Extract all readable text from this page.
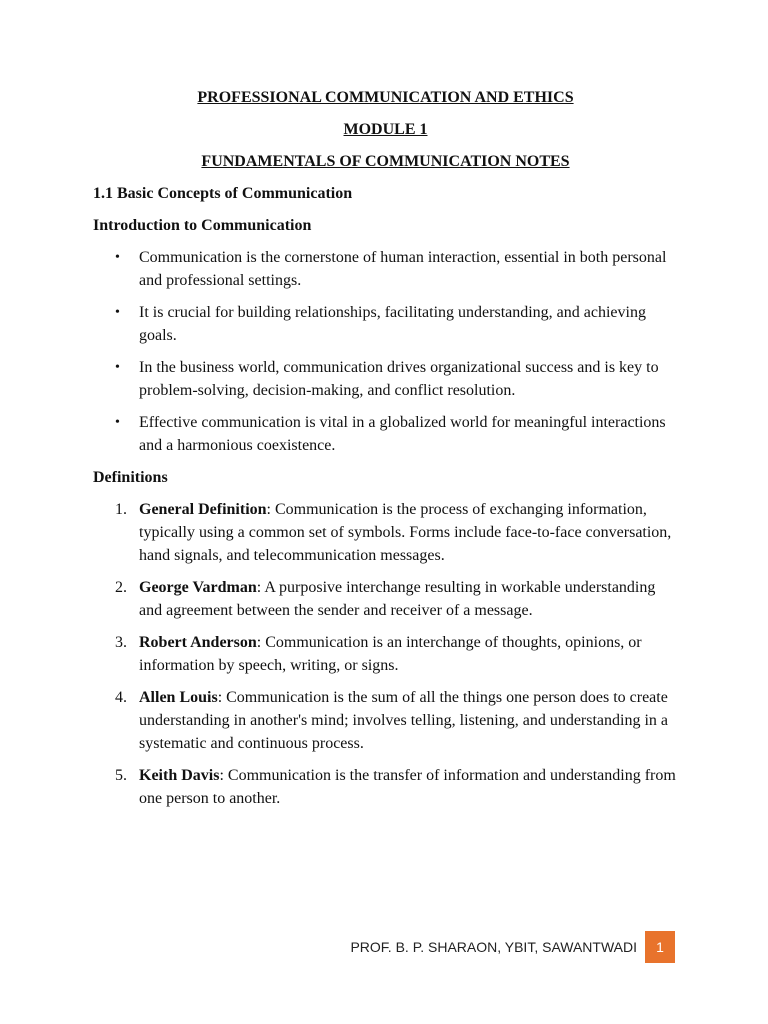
PROFESSIONAL COMMUNICATION AND ETHICS
MODULE 1
FUNDAMENTALS OF COMMUNICATION NOTES
1.1 Basic Concepts of Communication
Introduction to Communication
• Communication is the cornerstone of human interaction, essential in both personal and professional settings.
• It is crucial for building relationships, facilitating understanding, and achieving goals.
• In the business world, communication drives organizational success and is key to problem-solving, decision-making, and conflict resolution.
• Effective communication is vital in a globalized world for meaningful interactions and a harmonious coexistence.
Definitions
1. General Definition: Communication is the process of exchanging information, typically using a common set of symbols. Forms include face-to-face conversation, hand signals, and telecommunication messages.
2. George Vardman: A purposive interchange resulting in workable understanding and agreement between the sender and receiver of a message.
3. Robert Anderson: Communication is an interchange of thoughts, opinions, or information by speech, writing, or signs.
4. Allen Louis: Communication is the sum of all the things one person does to create understanding in another's mind; involves telling, listening, and understanding in a systematic and continuous process.
5. Keith Davis: Communication is the transfer of information and understanding from one person to another.
PROF. B. P. SHARAON, YBIT, SAWANTWADI	1
